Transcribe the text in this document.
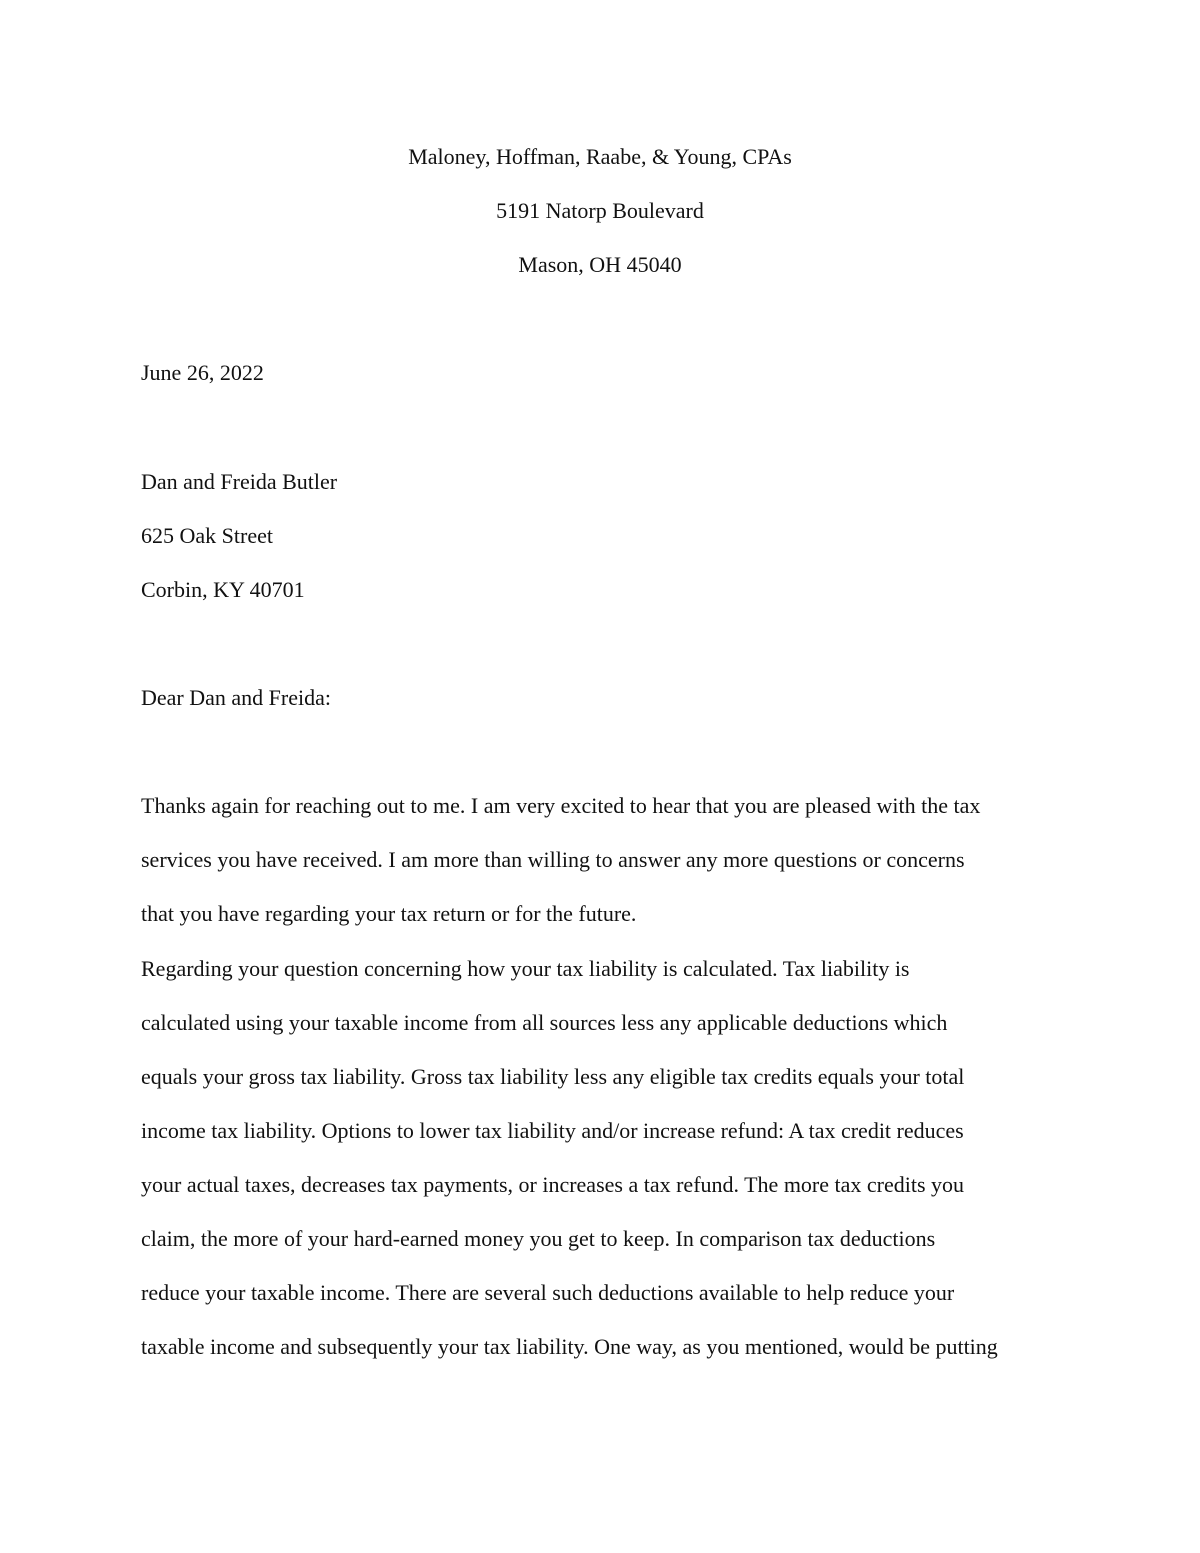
Maloney, Hoffman, Raabe, & Young, CPAs

5191 Natorp Boulevard

Mason, OH 45040

June 26, 2022

Dan and Freida Butler

625 Oak Street

Corbin, KY 40701

Dear Dan and Freida:

Thanks again for reaching out to me. I am very excited to hear that you are pleased with the tax

services you have received. I am more than willing to answer any more questions or concerns

that you have regarding your tax return or for the future.

Regarding your question concerning how your tax liability is calculated. Tax liability is

calculated using your taxable income from all sources less any applicable deductions which

equals your gross tax liability. Gross tax liability less any eligible tax credits equals your total

income tax liability. Options to lower tax liability and/or increase refund: A tax credit reduces

your actual taxes, decreases tax payments, or increases a tax refund. The more tax credits you

claim, the more of your hard-earned money you get to keep. In comparison tax deductions

reduce your taxable income. There are several such deductions available to help reduce your

taxable income and subsequently your tax liability. One way, as you mentioned, would be putting
